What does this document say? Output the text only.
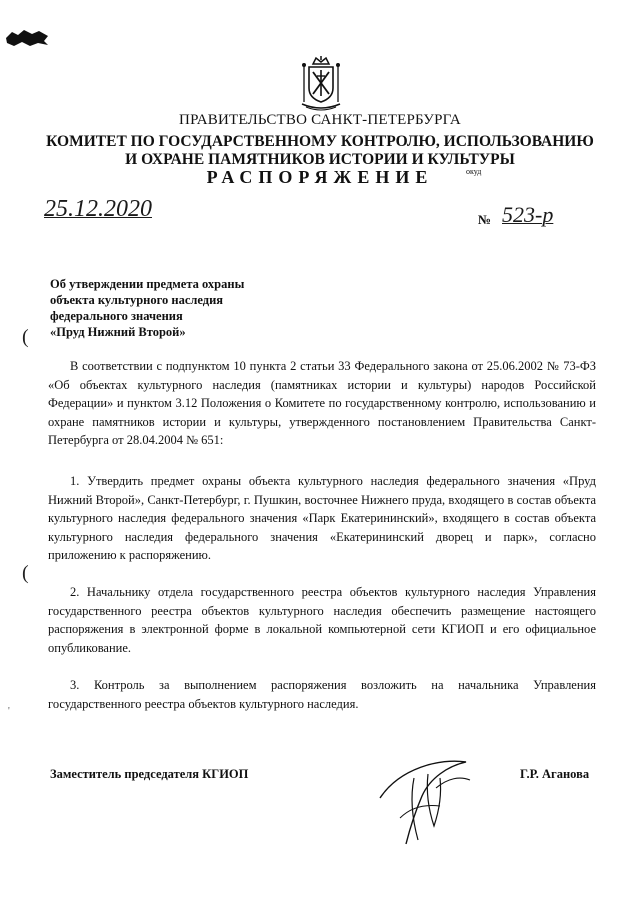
ПРАВИТЕЛЬСТВО САНКТ-ПЕТЕРБУРГА
КОМИТЕТ ПО ГОСУДАРСТВЕННОМУ КОНТРОЛЮ, ИСПОЛЬЗОВАНИЮ
И ОХРАНЕ ПАМЯТНИКОВ ИСТОРИИ И КУЛЬТУРЫ
РАСПОРЯЖЕНИЕ	окуд
25.12.2020	№ 523-р
Об утверждении предмета охраны
объекта культурного наследия
федерального значения
«Пруд Нижний Второй»
(
(
'

В соответствии с подпунктом 10 пункта 2 статьи 33 Федерального закона от 25.06.2002 № 73-ФЗ «Об объектах культурного наследия (памятниках истории и культуры) народов Российской Федерации» и пунктом 3.12 Положения о Комитете по государственному контролю, использованию и охране памятников истории и культуры, утвержденного постановлением Правительства Санкт-Петербурга от 28.04.2004 № 651:

1. Утвердить предмет охраны объекта культурного наследия федерального значения «Пруд Нижний Второй», Санкт-Петербург, г. Пушкин, восточнее Нижнего пруда, входящего в состав объекта культурного наследия федерального значения «Парк Екатерининский», входящего в состав объекта культурного наследия федерального значения «Екатерининский дворец и парк», согласно приложению к распоряжению.

2. Начальнику отдела государственного реестра объектов культурного наследия Управления государственного реестра объектов культурного наследия обеспечить размещение настоящего распоряжения в электронной форме в локальной компьютерной сети КГИОП и его официальное опубликование.

3. Контроль за выполнением распоряжения возложить на начальника Управления государственного реестра объектов культурного наследия.

Заместитель председателя КГИОП	Г.Р. Аганова
